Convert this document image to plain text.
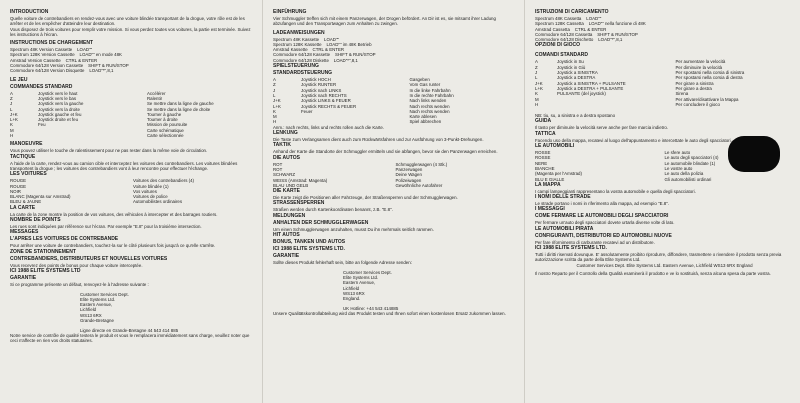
INTRODUCTION

Quelle voiture de contrebandiers en rendez-vous avec une voiture blindée transportant de la drogue, votre rôle est de les arrêter et de les empêcher d'atteindre leur destination.

Vous disposez de trois voitures pour remplir votre mission. Si vous perdez toutes vos voitures, la partie est terminée. Suivez les instructions à l'écran.

INSTRUCTIONS DE CHARGEMENT

Spectrum 48K Version Cassette    LOAD""

Spectrum 128K Version Cassette    LOAD"" en mode 48K

Amstrad Version Cassette    CTRL & ENTER

Commodore 64/128 Version Cassette    SHIFT & RUN/STOP

Commodore 64/128 Version Disquette    LOAD"*",8,1

LE JEU

COMMANDES STANDARD

A	Joystick vers le haut	Accélérer
Z	Joystick vers le bas	Ralentir
J	Joystick vers la gauche	Se mettre dans la ligne de gauche
L	Joystick vers la droite	Se mettre dans la ligne de droite
J+K	Joystick gauche et feu	Tourner à gauche
L+K	Joystick droite et feu	Tourner à droite
K	Feu	Mission de poursuite
M	Carte schématique
H	Carte sélectionnée

MANOEUVRE

Vous pouvez utiliser le touche de ralentissement pour ne pas rester dans la même voie de circulation.

TACTIQUE

A l'aide de la carte, rendez-vous au camion cible et interceptez les voitures des contrebandiers. Les voitures blindées transportent la drogue ; les voitures des contrebandiers vont à leur rencontre pour effectuer l'échange.

LES VOITURES

ROUGE	Voitures des contrebandiers (4)
ROUGE	Voiture blindée (1)
NOIR	Vos voitures
BLANC (Magenta sur Amstrad)	Voitures de police
BLEU & JAUNE	Automobilistes ordinaires

LA CARTE

La carte de la zone montre la position de vos voitures, des véhicules à intercepter et des barrages routiers.

NOMBRE DE POINTS

Les rues sont indiquées par référence sur l'écran. Par exemple "E.8" pour la troisième intersection.

MESSAGES

L'APRES LES VOITURES DE CONTREBANDE

Pour arrêter une voiture de contrebandiers, touchez-la sur le côté plusieurs fois jusqu'à ce qu'elle s'arrête.

ZONE DE STATIONNEMENT

CONTREBANDIERS, DISTRIBUTEURS ET NOUVELLES VOITURES

Vous recevrez des points de bonus pour chaque voiture interceptée.

ICI 1988 ELITE SYSTEMS LTD

GARANTIE

Si ce programme présente un défaut, renvoyez-le à l'adresse suivante :

Customer Services Dept.
Elite Systems Ltd.
Eastern Avenue,
Lichfield
WS13 6RX
Grande-Bretagne

Ligne directe en Grande-Bretagne 44 543 414 885

Notre service de contrôle de qualité testera le produit et vous le remplacera immédiatement sans charge, veuillez noter que ceci n'affecte en rien vos droits statutaires.

EINFÜHRUNG

Vier Schmuggler treffen sich mit einem Panzerwagen, der Drogen befördert. An Dir ist es, sie mitsamt ihrer Ladung abzufangen und den Transportwagen zum Anhalten zu zwingen.

LADEANWEISUNGEN

Spectrum 48K Kassette    LOAD""

Spectrum 128K Kassette    LOAD"" im 48K Betrieb

Amstrad Kassette    CTRL & ENTER

Commodore 64/128 Kassette    SHIFT & RUN/STOP

Commodore 64/128 Diskette    LOAD"*",8,1

SPIELSTEUERUNG

STANDARDSTEUERUNG

A	Joystick HOCH	Gasgeben
Z	Joystick RUNTER	Vom Gas runter
J	Joystick nach LINKS	In die linke Fahrbahn
L	Joystick nach RECHTS	In die rechte Fahrbahn
J+K	Joystick LINKS & FEUER	Nach links wenden
L+K	Joystick RECHTS & FEUER	Nach rechts wenden
K	Feuer	Nach rechts wenden
M	Karte ablesen
H	Spiel abbrechen

Anm.: nach rechts, links und rechts rollen auch die Karte.

LENKUNG

Die Taste zum Verlangsamen dient auch zum Rückwärtsfahren und zur Ausführung von 3-Punkt-Drehungen.

TAKTIK

Anhand der Karte die Standorte der Schmuggler ermitteln und sie abfangen, bevor sie den Panzerwagen erreichen.

DIE AUTOS

ROT	Schmugglerwagen (4 Stk.)
ROT	Panzerwagen
SCHWARZ	Deine Wagen
WEISS (Amstrad: Magenta)	Polizeiwagen
BLAU UND GELB	Gewöhnliche Autofahrer

DIE KARTE

Die Karte zeigt die Positionen aller Fahrzeuge, der Straßensperren und der Schmugglerwagen.

STRASSENSPERREN

Straßen werden durch Kartenkoordinaten benannt, z.B. "E.8".

MELDUNGEN

ANHALTEN DER SCHMUGGLERWAGEN

Um einen Schmugglerwagen anzuhalten, musst Du ihn mehrmals seitlich rammen.

HIT AUTOS

BONUS, TANKEN UND AUTOS

ICI 1988 ELITE SYSTEMS LTD.

GARANTIE

Sollte dieses Produkt fehlerhaft sein, bitte an folgende Adresse senden:

Customer Services Dept.
Elite Systems Ltd.
Eastern Avenue,
Lichfield
WS13 6RX
England.

UK Hotline: +44 543 414885

Unsere Qualitätskontrollabteilung wird das Produkt testen und Ihnen sofort einen kostenlosen Ersatz zukommen lassen.

ISTRUZIONI DI CARICAMENTO

Spectrum 48K Cassetta    LOAD""

Spectrum 128K Cassetta    LOAD"" nella funzione di 48K

Amstrad Cassetta    CTRL & ENTER

Commodore 64/128 Cassetta    SHIFT & RUN/STOP

Commodore 64/128 Dischetto    LOAD"*",8,1

OPZIONI DI GIOCO

COMANDI STANDARD

A	Joystick in Su	Per aumentare la velocità
Z	Joystick in Giù	Per diminuire la velocità
J	Joystick a SINISTRA	Per spostarsi nella corsia di sinistra
L	Joystick a DESTRA	Per spostarsi nella corsia di destra
J+K	Joystick a SINISTRA + PULSANTE	Per girare a sinistra
L+K	Joystick a DESTRA + PULSANTE	Per girare a destra
K	PULSANTE (del joystick)	Sirena
M	Per attivare/disattivare la Mappa
H	Per concludere il gioco

NB: tiu, su, a sinistra e a destra spostano

GUIDA

Il tasto per diminuire la velocità serve anche per fare marcia indietro.

TATTICA

Facendo uso della mappa, recatevi al luogo dell'appuntamento e intercettate le auto degli spacciatori.

LE AUTOMOBILI

ROSSE	Le sfere auto
ROSSE	Le auto degli spacciatori (4)
NERE	Le automobile blindate (1)
BIANCHE	Le vostre auto
(Magenta per l'Amstrad)	Le auto della polizia
BLU E GIALLE	Gli automobilisti ordinari

LA MAPPA

I campi lampeggianti rappresentano la vostra automobile e quella degli spacciatori.

I NOMI DELLE STRADE

Le strade portano i nomi in riferimento alla mappa, ad esempio "E.8".

I MESSAGGI

COME FERMARE LE AUTOMOBILI DEGLI SPACCIATORI

Per fermare un'auto degli spacciatori dovete urtarla diverse volte di lato.

LE AUTOMOBILI PIRATA

CONFIGURANTI, DISTRIBUTORI ED AUTOMOBILI NUOVE

Per fare rifornimento di carburante recatevi ad un distributore.

ICI 1988 ELITE SYSTEMS LTD.

Tutti i diritti riservati dovunque. E' assolutamente proibito riprodurre, diffondere, trasmettere o rivendere il prodotto senza previa autorizzazione scritta da parte della Elite Systems Ltd.

Customer Services Dept. Elite Systems Ltd. Eastern Avenue, Lichfield WS13 6RX England

Il nostro Reparto per il Controllo della Qualità esaminerà il prodotto e ve lo sostituirà, senza alcuna spesa da parte vostra.
